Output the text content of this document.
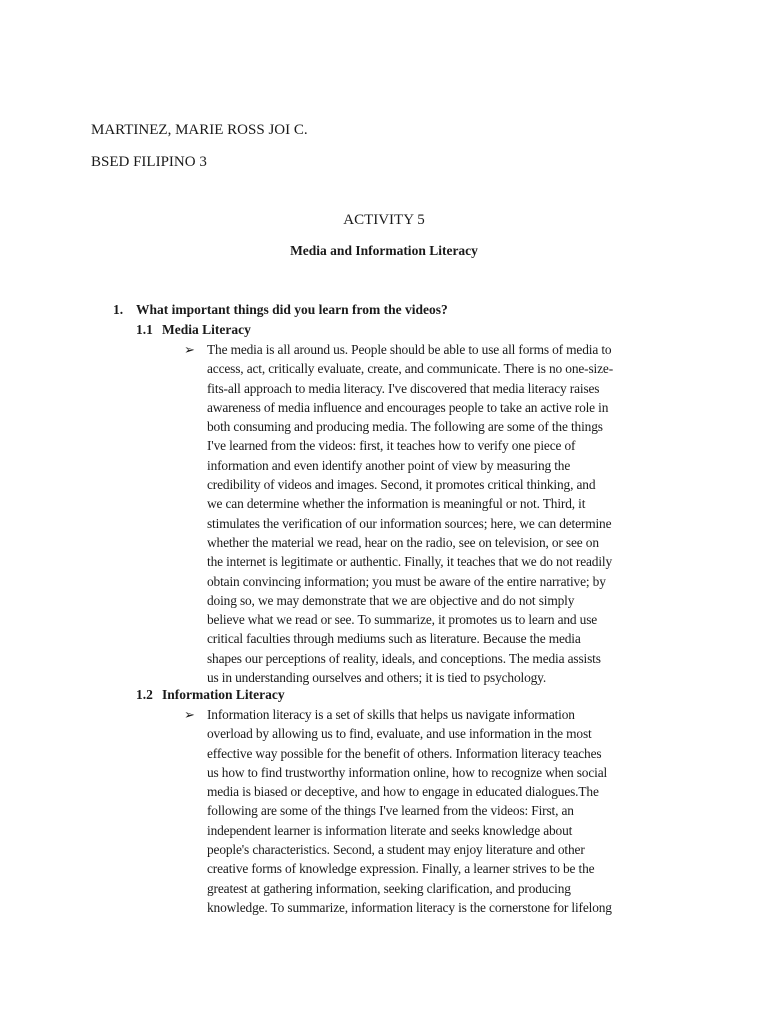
MARTINEZ, MARIE ROSS JOI C.

BSED FILIPINO 3

ACTIVITY 5

Media and Information Literacy

1. What important things did you learn from the videos?

1.1 Media Literacy

➢ The media is all around us. People should be able to use all forms of media to
access, act, critically evaluate, create, and communicate. There is no one-size-
fits-all approach to media literacy. I've discovered that media literacy raises
awareness of media influence and encourages people to take an active role in
both consuming and producing media. The following are some of the things
I've learned from the videos: first, it teaches how to verify one piece of
information and even identify another point of view by measuring the
credibility of videos and images. Second, it promotes critical thinking, and
we can determine whether the information is meaningful or not. Third, it
stimulates the verification of our information sources; here, we can determine
whether the material we read, hear on the radio, see on television, or see on
the internet is legitimate or authentic. Finally, it teaches that we do not readily
obtain convincing information; you must be aware of the entire narrative; by
doing so, we may demonstrate that we are objective and do not simply
believe what we read or see. To summarize, it promotes us to learn and use
critical faculties through mediums such as literature. Because the media
shapes our perceptions of reality, ideals, and conceptions. The media assists
us in understanding ourselves and others; it is tied to psychology.

1.2 Information Literacy

➢ Information literacy is a set of skills that helps us navigate information
overload by allowing us to find, evaluate, and use information in the most
effective way possible for the benefit of others. Information literacy teaches
us how to find trustworthy information online, how to recognize when social
media is biased or deceptive, and how to engage in educated dialogues.The
following are some of the things I've learned from the videos: First, an
independent learner is information literate and seeks knowledge about
people's characteristics. Second, a student may enjoy literature and other
creative forms of knowledge expression. Finally, a learner strives to be the
greatest at gathering information, seeking clarification, and producing
knowledge. To summarize, information literacy is the cornerstone for lifelong
